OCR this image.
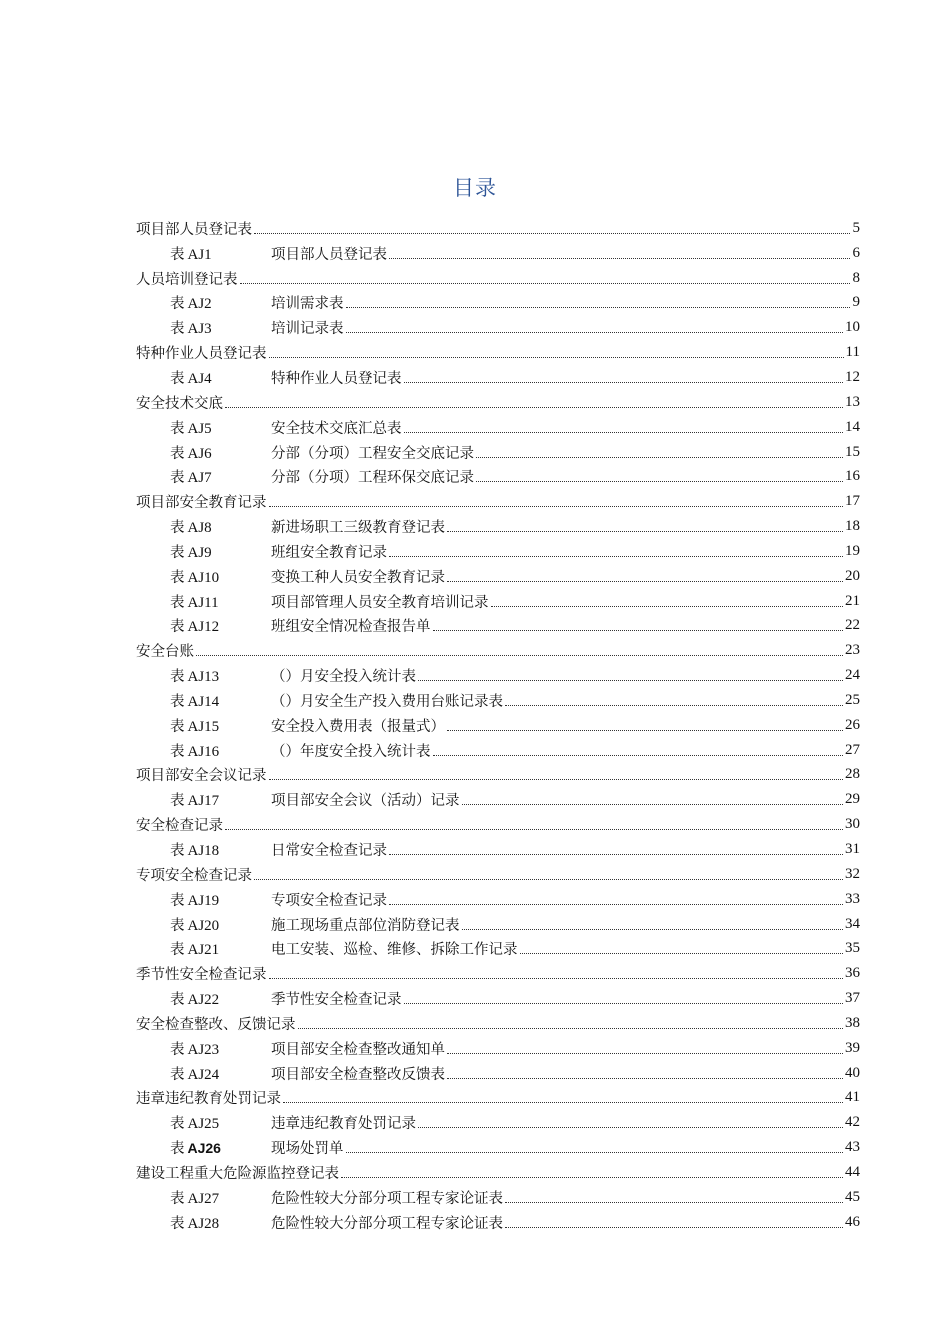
目录
项目部人员登记表	5
表 AJ1	项目部人员登记表	6
人员培训登记表	8
表 AJ2	培训需求表	9
表 AJ3	培训记录表	10
特种作业人员登记表	11
表 AJ4	特种作业人员登记表	12
安全技术交底	13
表 AJ5	安全技术交底汇总表	14
表 AJ6	分部（分项）工程安全交底记录	15
表 AJ7	分部（分项）工程环保交底记录	16
项目部安全教育记录	17
表 AJ8	新进场职工三级教育登记表	18
表 AJ9	班组安全教育记录	19
表 AJ10	变换工种人员安全教育记录	20
表 AJ11	项目部管理人员安全教育培训记录	21
表 AJ12	班组安全情况检查报告单	22
安全台账	23
表 AJ13	（）月安全投入统计表	24
表 AJ14	（）月安全生产投入费用台账记录表	25
表 AJ15	安全投入费用表（报量式）	26
表 AJ16	（）年度安全投入统计表	27
项目部安全会议记录	28
表 AJ17	项目部安全会议（活动）记录	29
安全检查记录	30
表 AJ18	日常安全检查记录	31
专项安全检查记录	32
表 AJ19	专项安全检查记录	33
表 AJ20	施工现场重点部位消防登记表	34
表 AJ21	电工安装、巡检、维修、拆除工作记录	35
季节性安全检查记录	36
表 AJ22	季节性安全检查记录	37
安全检查整改、反馈记录	38
表 AJ23	项目部安全检查整改通知单	39
表 AJ24	项目部安全检查整改反馈表	40
违章违纪教育处罚记录	41
表 AJ25	违章违纪教育处罚记录	42
表 AJ26	现场处罚单	43
建设工程重大危险源监控登记表	44
表 AJ27	危险性较大分部分项工程专家论证表	45
表 AJ28	危险性较大分部分项工程专家论证表	46
